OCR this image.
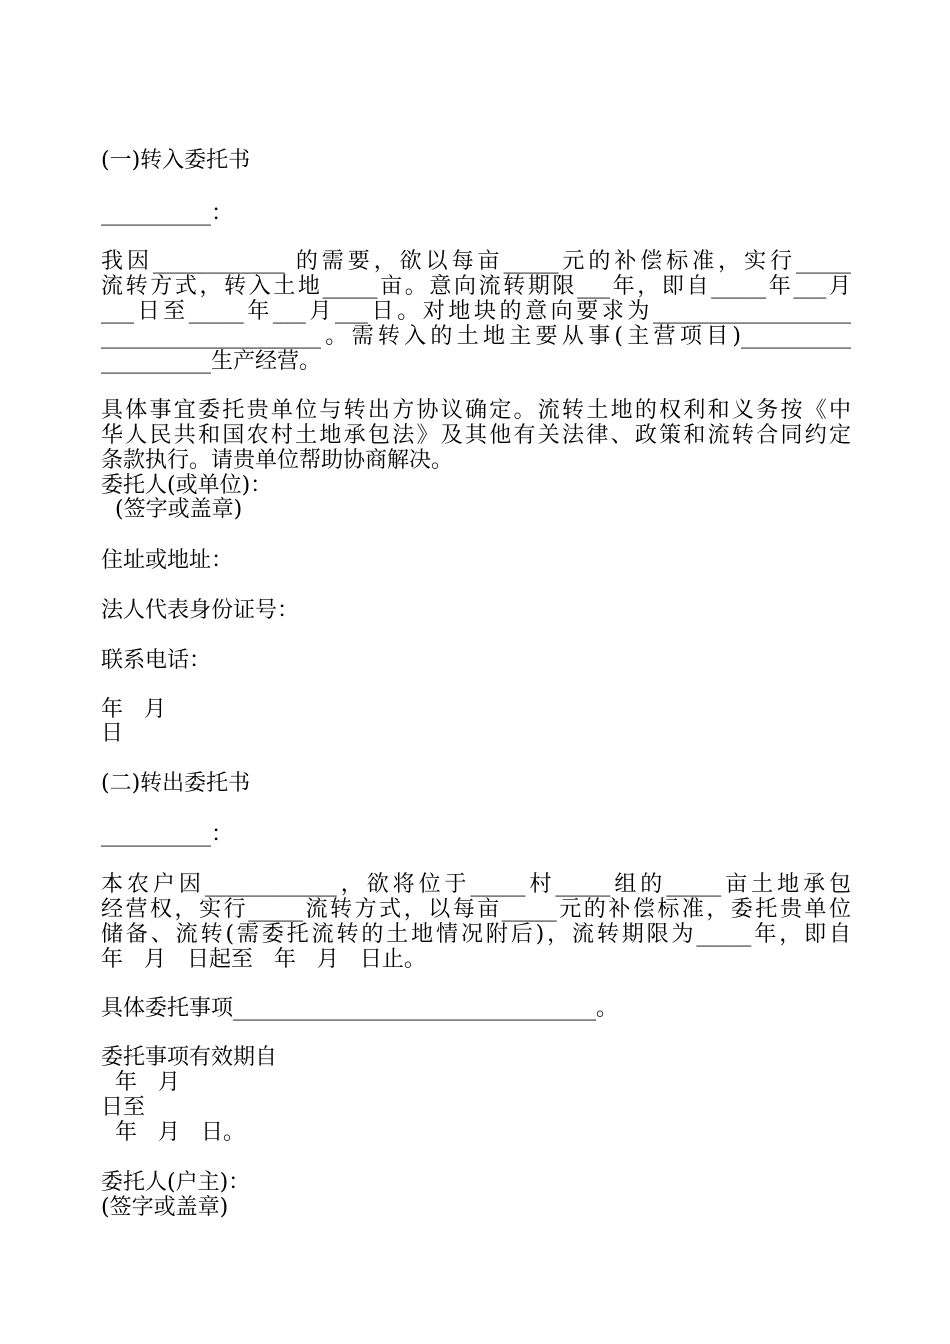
(一)转入委托书
__________：
我因____________ 的需要，欲以每亩_____元的补偿标准，实行_____
流转方式，转入土地_____亩。意向流转期限___年，即自_____年___月
___日至_____年___月___日。对地块的意向要求为__________________
____________________。需转入的土地主要从事(主营项目)__________
__________生产经营。
具体事宜委托贵单位与转出方协议确定。流转土地的权利和义务按《中
华人民共和国农村土地承包法》及其他有关法律、政策和流转合同约定
条款执行。请贵单位帮助协商解决。
委托人(或单位)：
(签字或盖章)
住址或地址：
法人代表身份证号：
联系电话：
年   月
日
(二)转出委托书
__________：
本农户因____________，欲将位于_____村_____组的_____亩土地承包
经营权，实行_____流转方式，以每亩_____元的补偿标准，委托贵单位
储备、流转(需委托流转的土地情况附后)，流转期限为_____年，即自
年   月   日起至   年   月   日止。
具体委托事项_________________________________。
委托事项有效期自
年   月
日至
年   月   日。
委托人(户主)：
(签字或盖章)
